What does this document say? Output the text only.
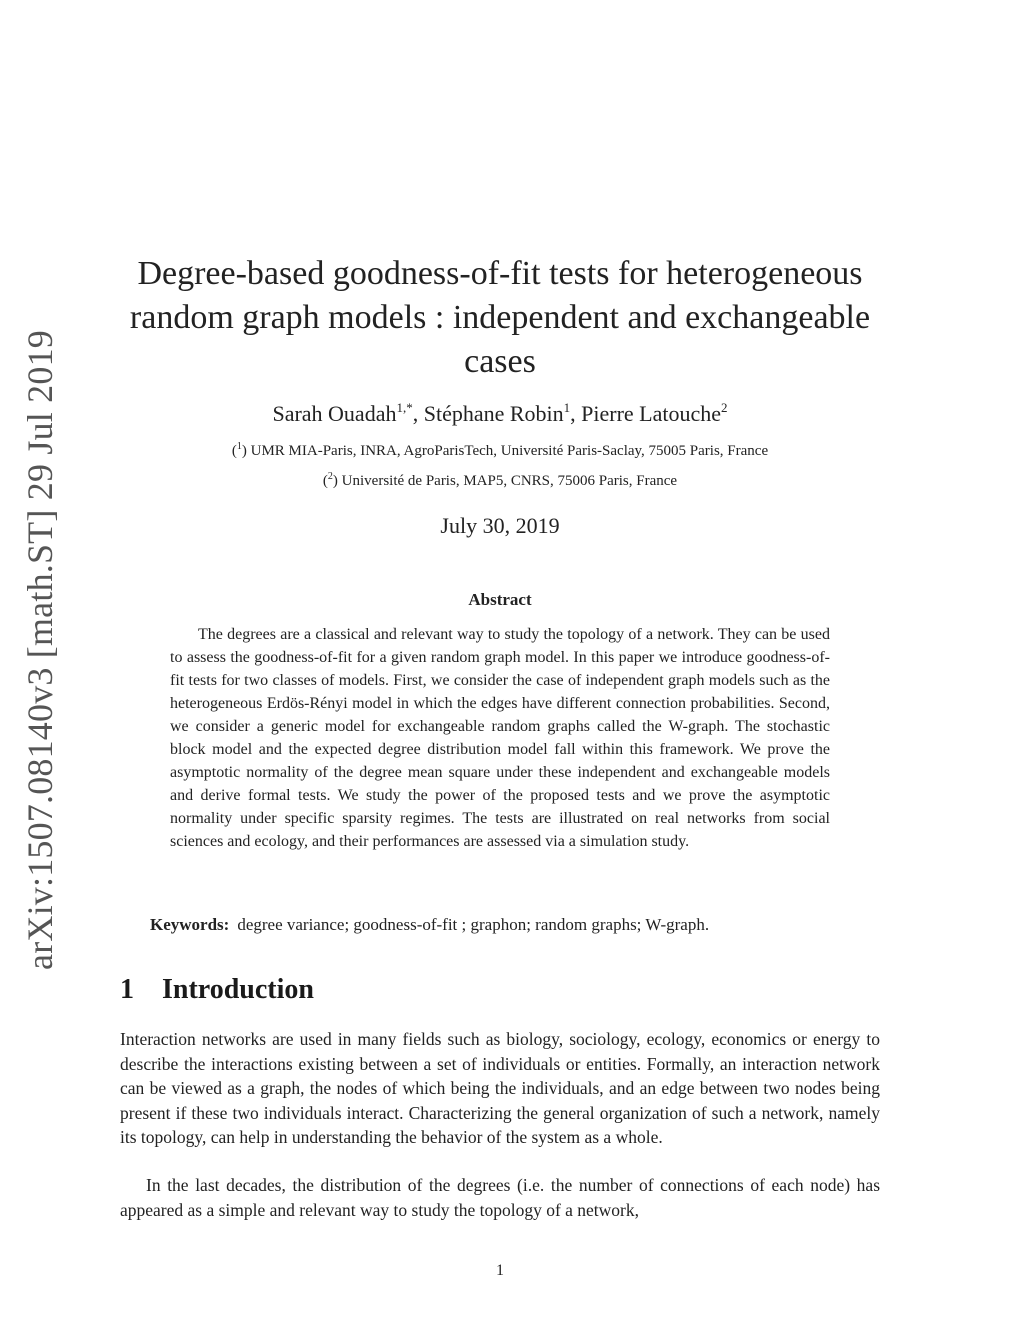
arXiv:1507.08140v3 [math.ST] 29 Jul 2019
Degree-based goodness-of-fit tests for heterogeneous
random graph models : independent and exchangeable
cases
Sarah Ouadah$^{1,*}$, Stéphane Robin$^1$, Pierre Latouche$^2$
($^1$) UMR MIA-Paris, INRA, AgroParisTech, Université Paris-Saclay, 75005 Paris, France
($^2$) Université de Paris, MAP5, CNRS, 75006 Paris, France
July 30, 2019
Abstract

The degrees are a classical and relevant way to study the topology of a network. They can be used to assess the goodness-of-fit for a given random graph model. In this paper we introduce goodness-of-fit tests for two classes of models. First, we consider the case of independent graph models such as the heterogeneous Erdös-Rényi model in which the edges have different connection probabilities. Second, we consider a generic model for exchangeable random graphs called the W-graph. The stochastic block model and the expected degree distribution model fall within this framework. We prove the asymptotic normality of the degree mean square under these independent and exchangeable models and derive formal tests. We study the power of the proposed tests and we prove the asymptotic normality under specific sparsity regimes. The tests are illustrated on real networks from social sciences and ecology, and their performances are assessed via a simulation study.

Keywords: degree variance; goodness-of-fit ; graphon; random graphs; W-graph.
1 Introduction

Interaction networks are used in many fields such as biology, sociology, ecology, economics or energy to describe the interactions existing between a set of individuals or entities. Formally, an interaction network can be viewed as a graph, the nodes of which being the individuals, and an edge between two nodes being present if these two individuals interact. Characterizing the general organization of such a network, namely its topology, can help in understanding the behavior of the system as a whole.

In the last decades, the distribution of the degrees (i.e. the number of connections of each node) has appeared as a simple and relevant way to study the topology of a network,

1
